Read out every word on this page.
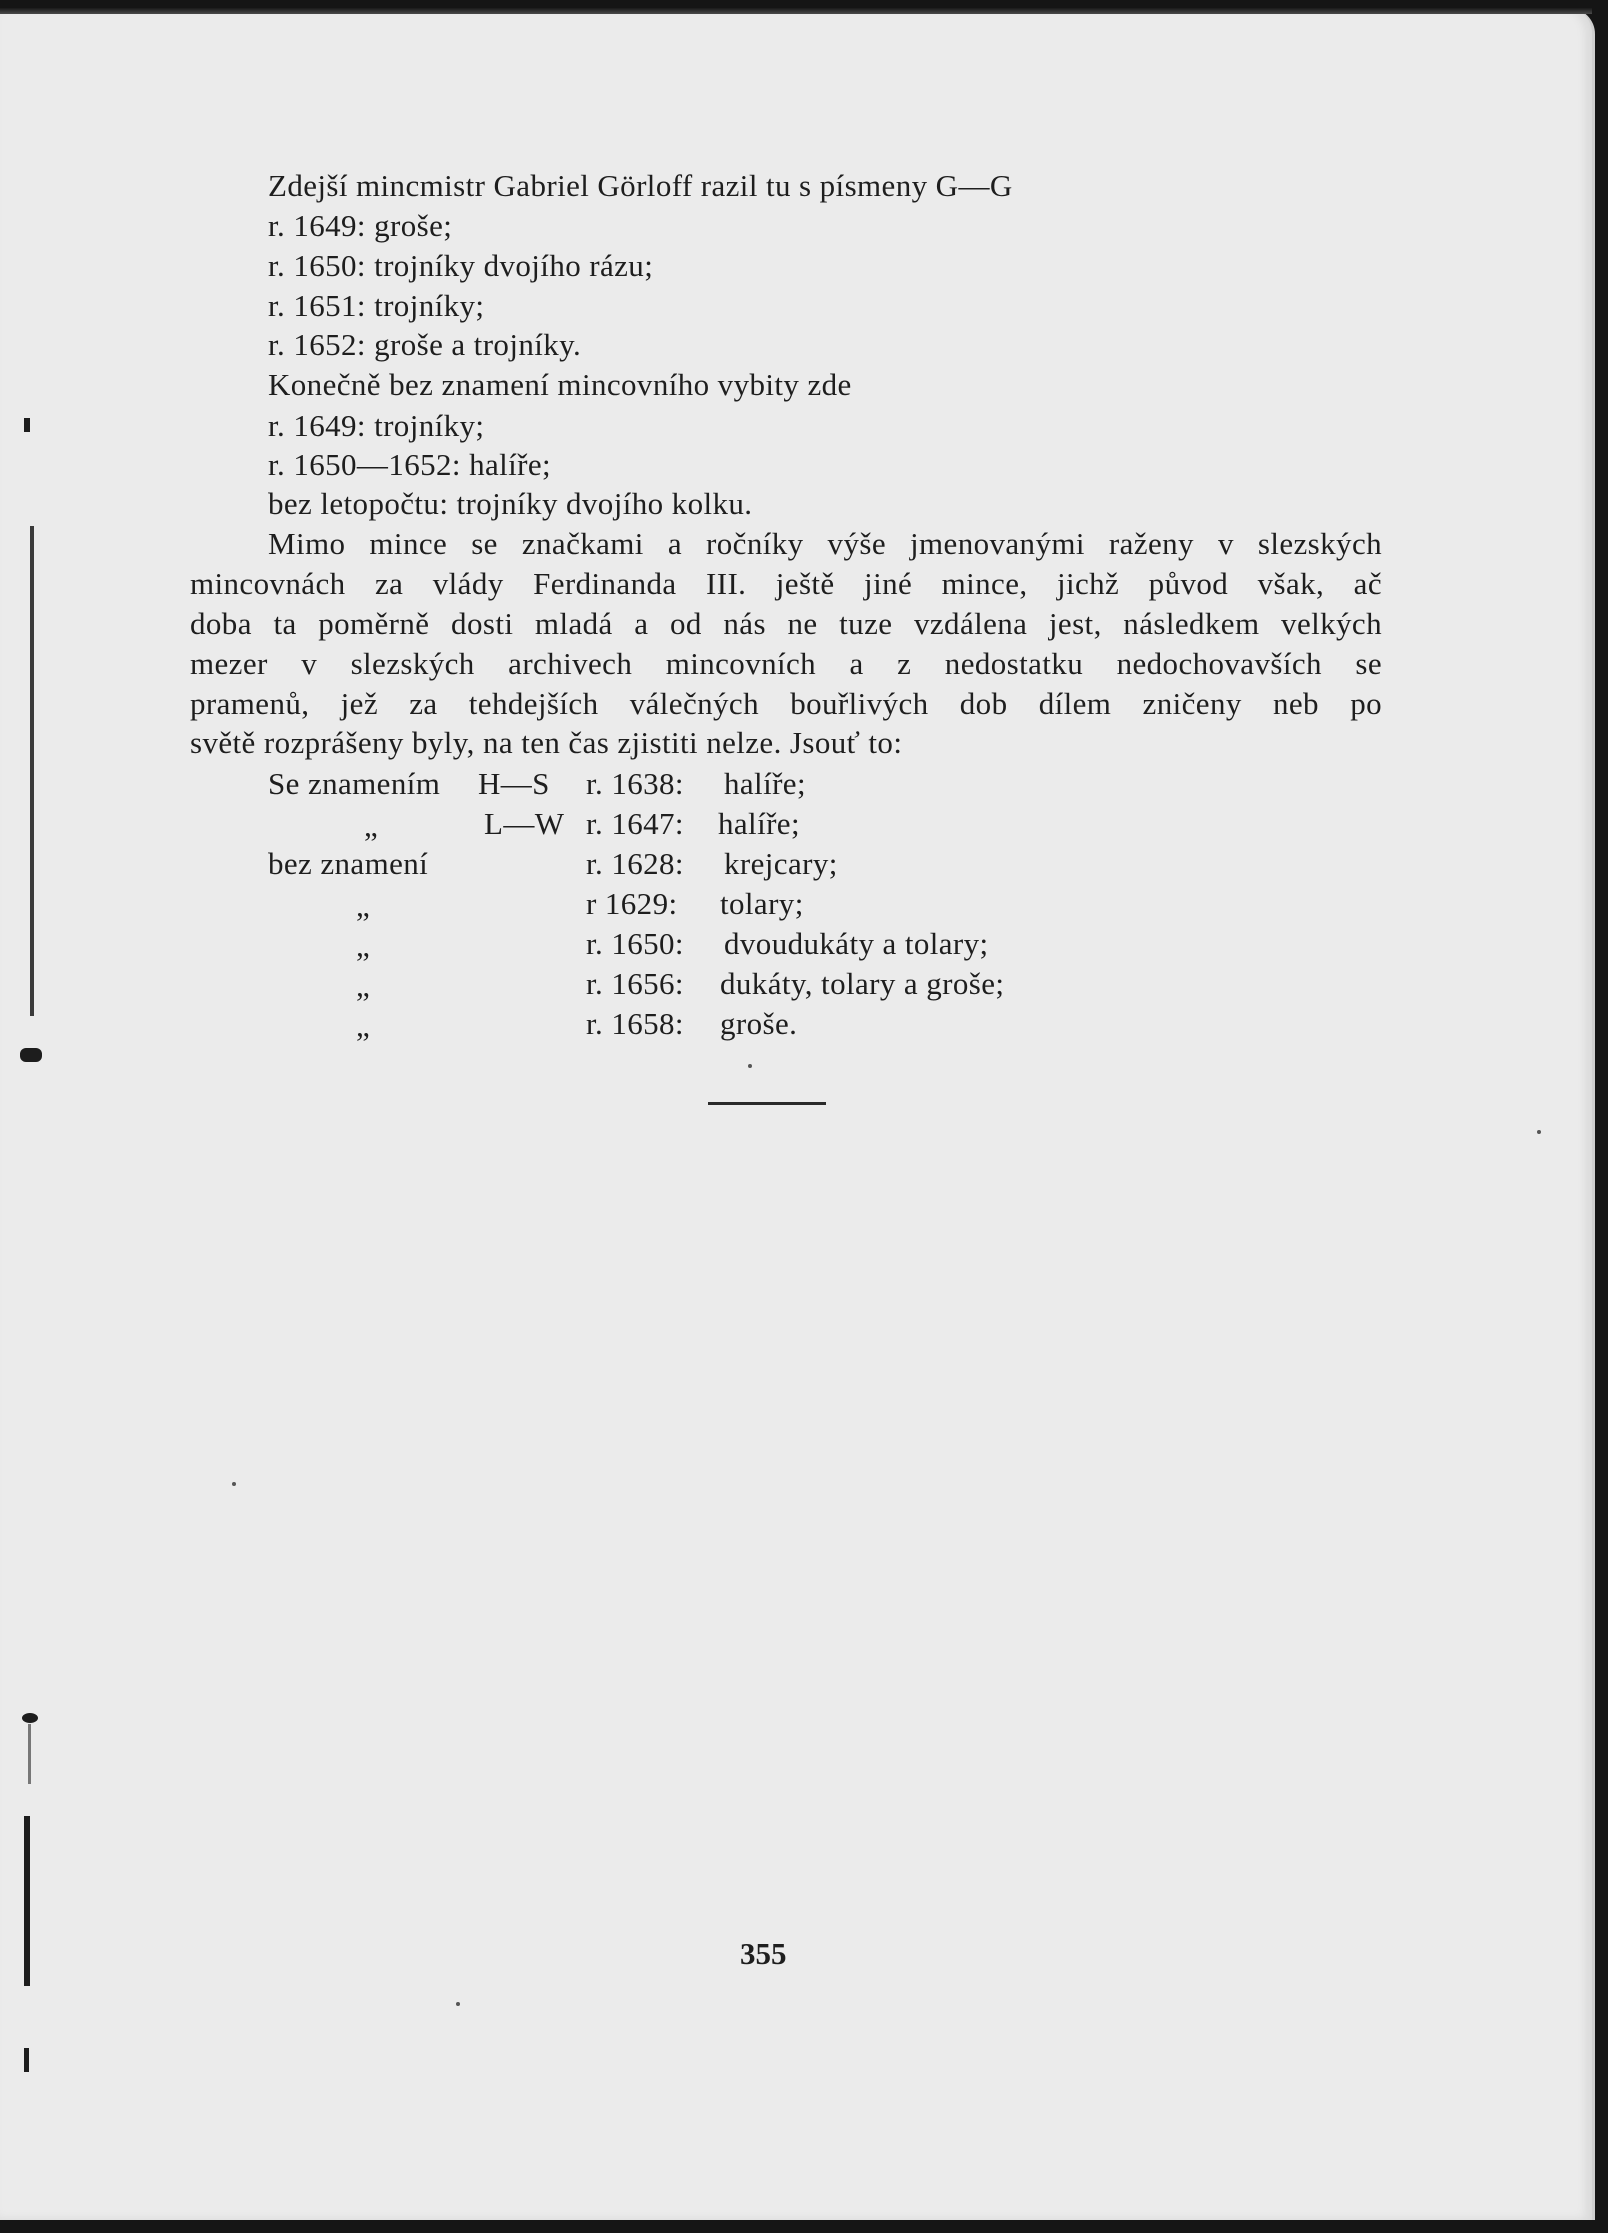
Zdejší mincmistr Gabriel Görloff razil tu s písmeny G—G
r. 1649: groše;
r. 1650: trojníky dvojího rázu;
r. 1651: trojníky;
r. 1652: groše a trojníky.
Konečně bez znamení mincovního vybity zde
r. 1649: trojníky;
r. 1650—1652: halíře;
bez letopočtu: trojníky dvojího kolku.
Mimo mince se značkami a ročníky výše jmenovanými raženy v slezských
mincovnách za vlády Ferdinanda III. ještě jiné mince, jichž původ však, ač
doba ta poměrně dosti mladá a od nás ne tuze vzdálena jest, následkem velkých
mezer v slezských archivech mincovních a z nedostatku nedochovavších se
pramenů, jež za tehdejších válečných bouřlivých dob dílem zničeny neb po
světě rozprášeny byly, na ten čas zjistiti nelze. Jsouť to:
Se znamením H—S r. 1638: halíře;
„	L—W r. 1647: halíře;
bez znamení	r. 1628: krejcary;
„	r 1629: tolary;
„	r. 1650: dvoudukáty a tolary;
„	r. 1656: dukáty, tolary a groše;
„	r. 1658: groše.
355
